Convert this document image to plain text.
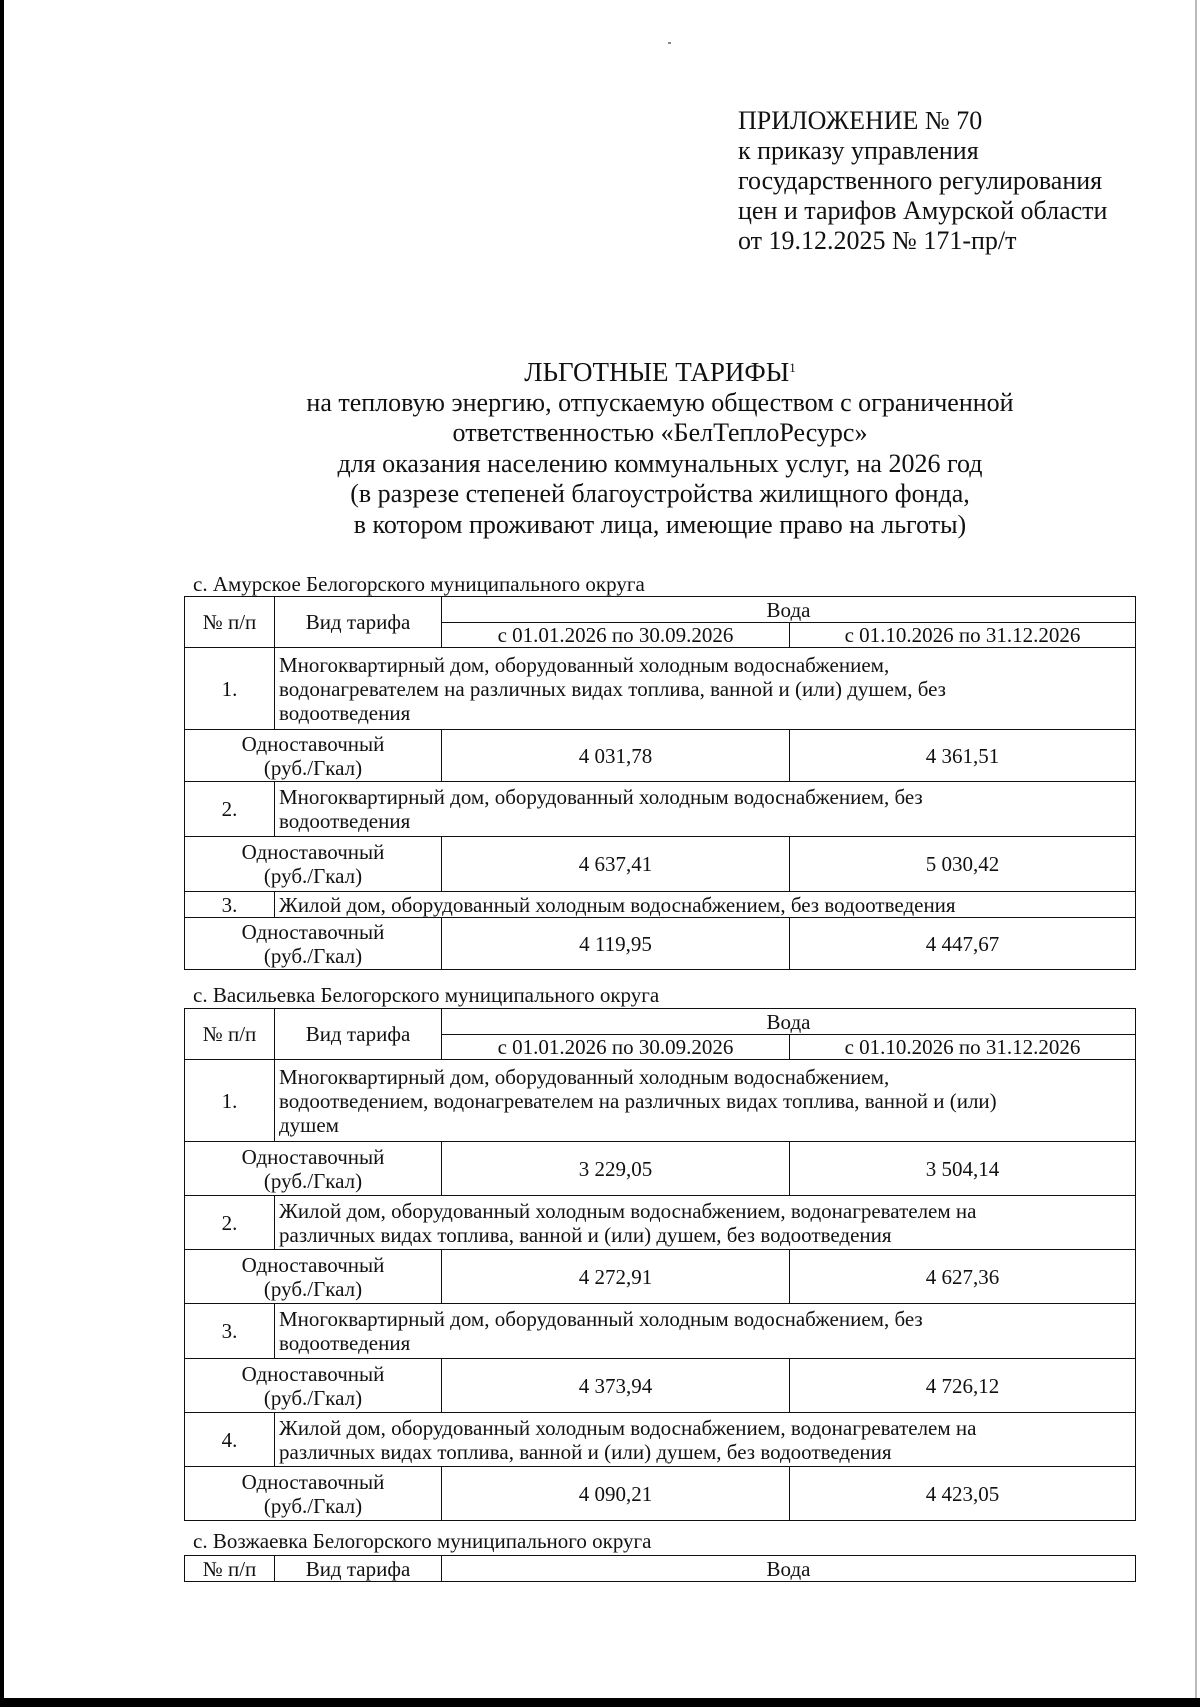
ПРИЛОЖЕНИЕ № 70
к приказу управления
государственного регулирования
цен и тарифов Амурской области
от 19.12.2025 № 171-пр/т
ЛЬГОТНЫЕ ТАРИФЫ$^1$
на тепловую энергию, отпускаемую обществом с ограниченной
ответственностью «БелТеплоРесурс»
для оказания населению коммунальных услуг, на 2026 год
(в разрезе степеней благоустройства жилищного фонда,
в котором проживают лица, имеющие право на льготы)
с. Амурское Белогорского муниципального округа
№ п/п	Вид тарифа	Вода	
		с 01.01.2026 по 30.09.2026	с 01.10.2026 по 31.12.2026
1.	Многоквартирный дом, оборудованный холодным водоснабжением,
водонагревателем на различных видах топлива, ванной и (или) душем, без
водоотведения		

Одноставочный
(руб./Гкал)		4 031,78	4 361,51
2.	Многоквартирный дом, оборудованный холодным водоснабжением, без
водоотведения		

Одноставочный
(руб./Гкал)		4 637,41	5 030,42
3.	Жилой дом, оборудованный холодным водоснабжением, без водоотведения		

Одноставочный
(руб./Гкал)		4 119,95	4 447,67
с. Васильевка Белогорского муниципального округа
№ п/п	Вид тарифа	Вода	
		с 01.01.2026 по 30.09.2026	с 01.10.2026 по 31.12.2026
1.	Многоквартирный дом, оборудованный холодным водоснабжением,
водоотведением, водонагревателем на различных видах топлива, ванной и (или)
душем		

Одноставочный
(руб./Гкал)		3 229,05	3 504,14
2.	Жилой дом, оборудованный холодным водоснабжением, водонагревателем на
различных видах топлива, ванной и (или) душем, без водоотведения		

Одноставочный
(руб./Гкал)		4 272,91	4 627,36
3.	Многоквартирный дом, оборудованный холодным водоснабжением, без
водоотведения		

Одноставочный
(руб./Гкал)		4 373,94	4 726,12
4.	Жилой дом, оборудованный холодным водоснабжением, водонагревателем на
различных видах топлива, ванной и (или) душем, без водоотведения		

Одноставочный
(руб./Гкал)		4 090,21	4 423,05
с. Возжаевка Белогорского муниципального округа
№ п/п	Вид тарифа	Вода
